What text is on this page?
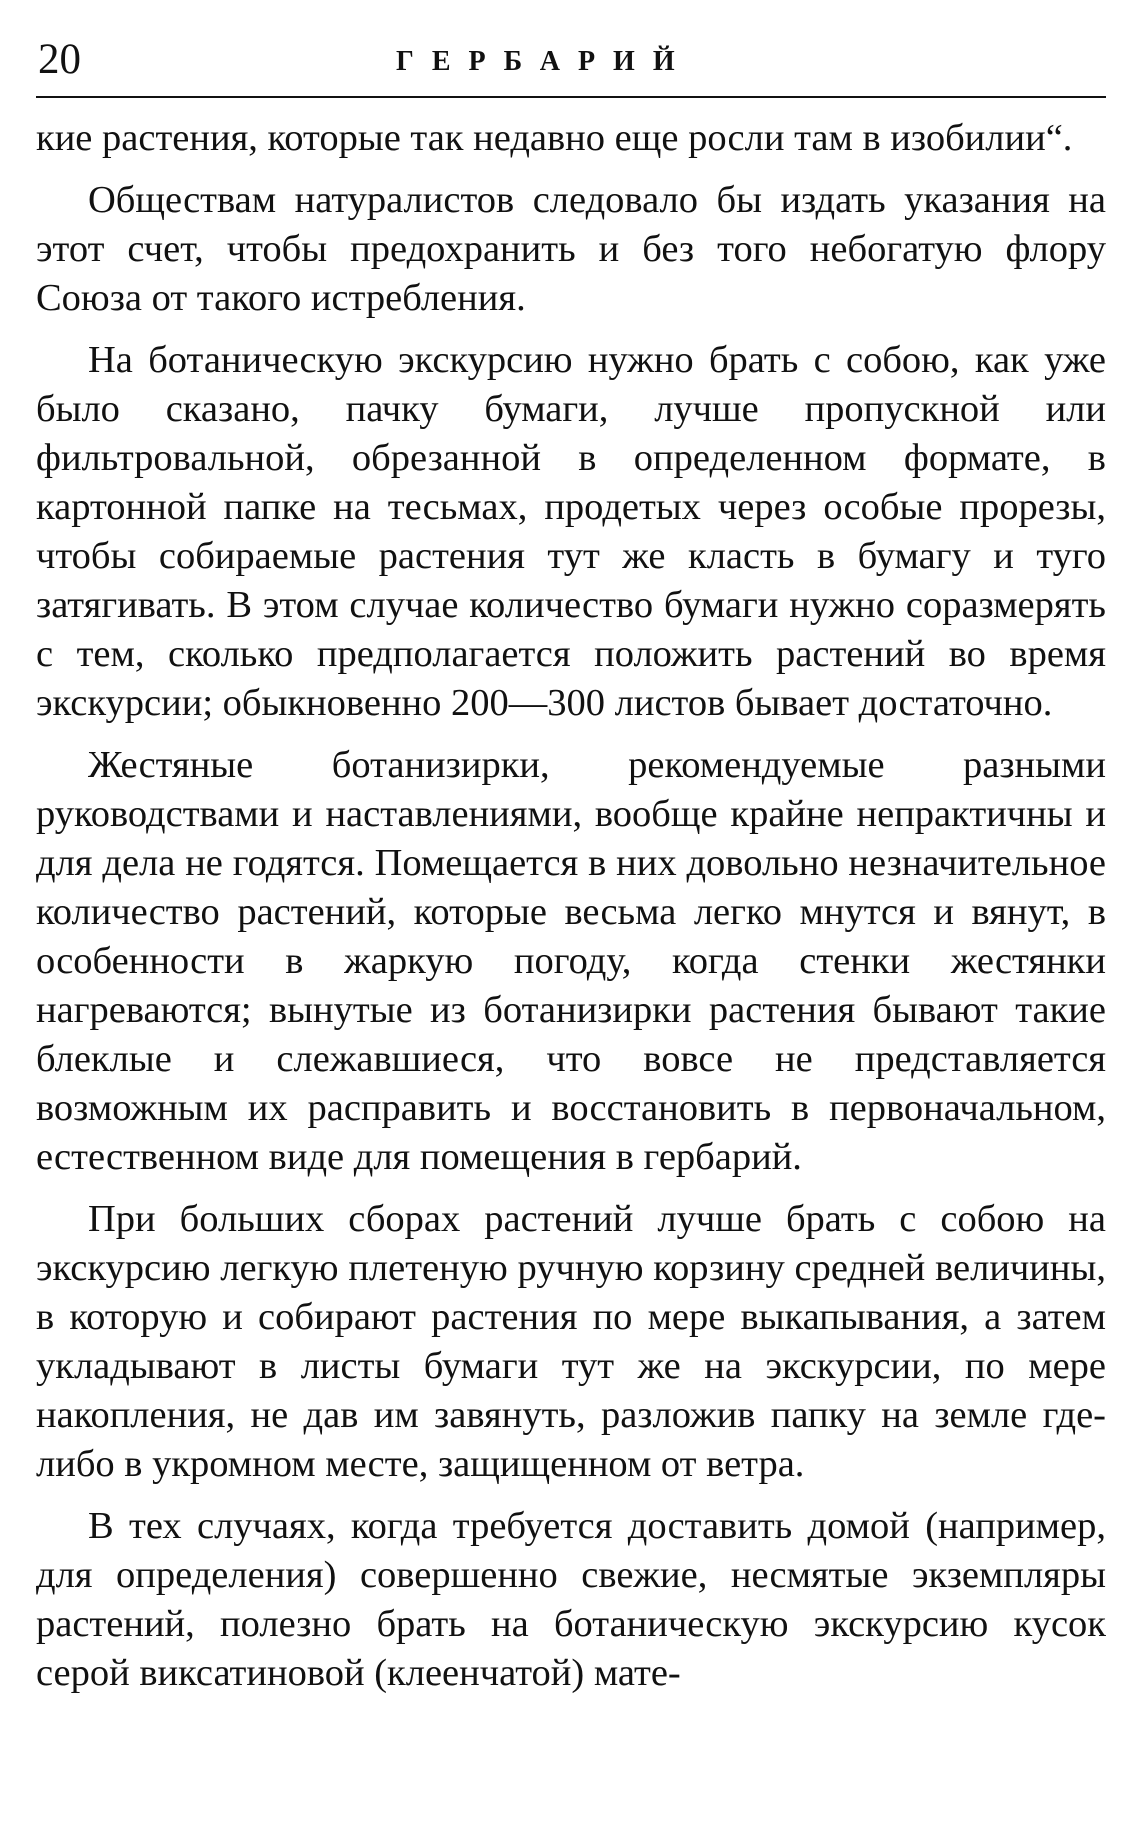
20	ГЕРБАРИЙ

кие растения, которые так недавно еще росли там в изобилии“.

Обществам натуралистов следовало бы издать указания на этот счет, чтобы предохранить и без того небогатую флору Союза от такого истребления.

На ботаническую экскурсию нужно брать с собою, как уже было сказано, пачку бумаги, лучше пропускной или фильтровальной, обрезанной в определенном формате, в картонной папке на тесьмах, продетых через особые прорезы, чтобы собираемые растения тут же класть в бумагу и туго затягивать. В этом случае количество бумаги нужно соразмерять с тем, сколько предполагается положить растений во время экскурсии; обыкновенно 200—300 листов бывает достаточно.

Жестяные ботанизирки, рекомендуемые разными руководствами и наставлениями, вообще крайне непрактичны и для дела не годятся. Помещается в них довольно незначительное количество растений, которые весьма легко мнутся и вянут, в особенности в жаркую погоду, когда стенки жестянки нагреваются; вынутые из ботанизирки растения бывают такие блеклые и слежавшиеся, что вовсе не представляется возможным их расправить и восстановить в первоначальном, естественном виде для помещения в гербарий.

При больших сборах растений лучше брать с собою на экскурсию легкую плетеную ручную корзину средней величины, в которую и собирают растения по мере выкапывания, а затем укладывают в листы бумаги тут же на экскурсии, по мере накопления, не дав им завянуть, разложив папку на земле где-либо в укромном месте, защищенном от ветра.

В тех случаях, когда требуется доставить домой (например, для определения) совершенно свежие, несмятые экземпляры растений, полезно брать на ботаническую экскурсию кусок серой виксатиновой (клеенчатой) мате-
